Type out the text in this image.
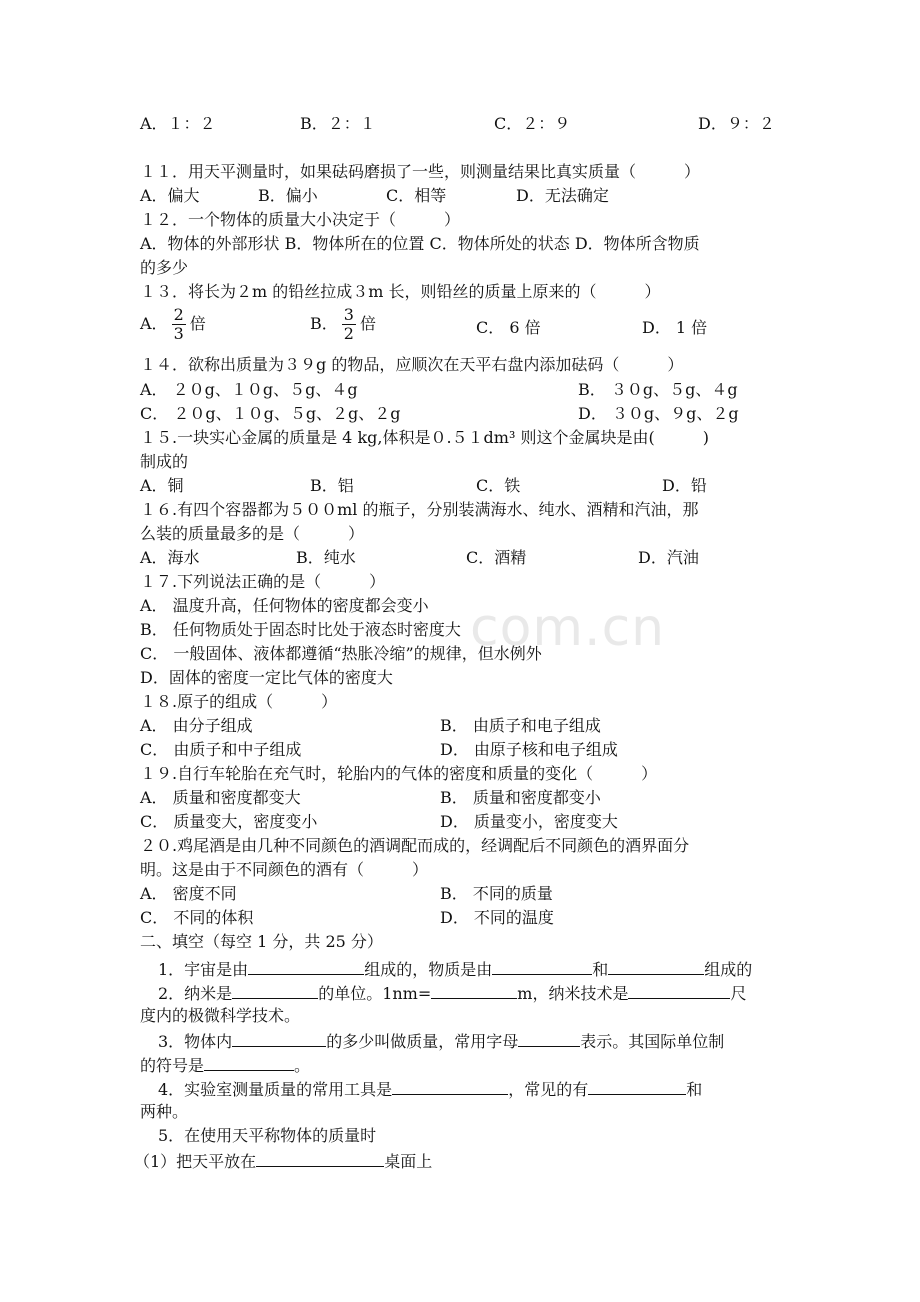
com.cn
A．１：２	B．２：１	C．２：９	D．９：２
１１．用天平测量时，如果砝码磨损了一些，则测量结果比真实质量（　　　）
A．偏大	B．偏小	C．相等	D．无法确定
１２．一个物体的质量大小决定于（　　　）
A．物体的外部形状 B．物体所在的位置 C．物体所处的状态 D．物体所含物质
的多少
１３．将长为２m 的铅丝拉成３m 长，则铅丝的质量上原来的（　　　）
A． $\frac{2}{3}$ 倍	B． $\frac{3}{2}$ 倍	C． 6 倍	D． 1 倍
１４．欲称出质量为３９g 的物品，应顺次在天平右盘内添加砝码（　　　）
A． ２０g、１０g、５g、４g	B． ３０g、５g、４g
C． ２０g、１０g、５g、２g、２g	D． ３０g、９g、２g
１５.一块实心金属的质量是 4 kg,体积是０.５１dm³ 则这个金属块是由(　　　)
制成的
A．铜	B．铝	C．铁	D．铅
１６.有四个容器都为５００ml 的瓶子，分别装满海水、纯水、酒精和汽油，那
么装的质量最多的是（　　　）
A．海水	B．纯水	C．酒精	D．汽油
１７.下列说法正确的是（　　　）
A． 温度升高，任何物体的密度都会变小
B． 任何物质处于固态时比处于液态时密度大
C． 一般固体、液体都遵循“热胀冷缩”的规律，但水例外
D．固体的密度一定比气体的密度大
１８.原子的组成（　　　）
A． 由分子组成	B． 由质子和电子组成
C． 由质子和中子组成	D． 由原子核和电子组成
１９.自行车轮胎在充气时，轮胎内的气体的密度和质量的变化（　　　）
A． 质量和密度都变大	B． 质量和密度都变小
C． 质量变大，密度变小	D． 质量变小，密度变大
２０.鸡尾酒是由几种不同颜色的酒调配而成的，经调配后不同颜色的酒界面分
明。这是由于不同颜色的酒有（　　　）
A． 密度不同	B． 不同的质量
C． 不同的体积	D． 不同的温度
二、填空（每空 1 分，共 25 分）
1．宇宙是由	组成的，物质是由	和	组成的
2．纳米是	的单位。1nm=	m，纳米技术是	尺
度内的极微科学技术。
3．物体内	的多少叫做质量，常用字母	表示。其国际单位制
的符号是	。
4．实验室测量质量的常用工具是	，常见的有	和
两种。
5．在使用天平称物体的质量时
（1）把天平放在	桌面上
